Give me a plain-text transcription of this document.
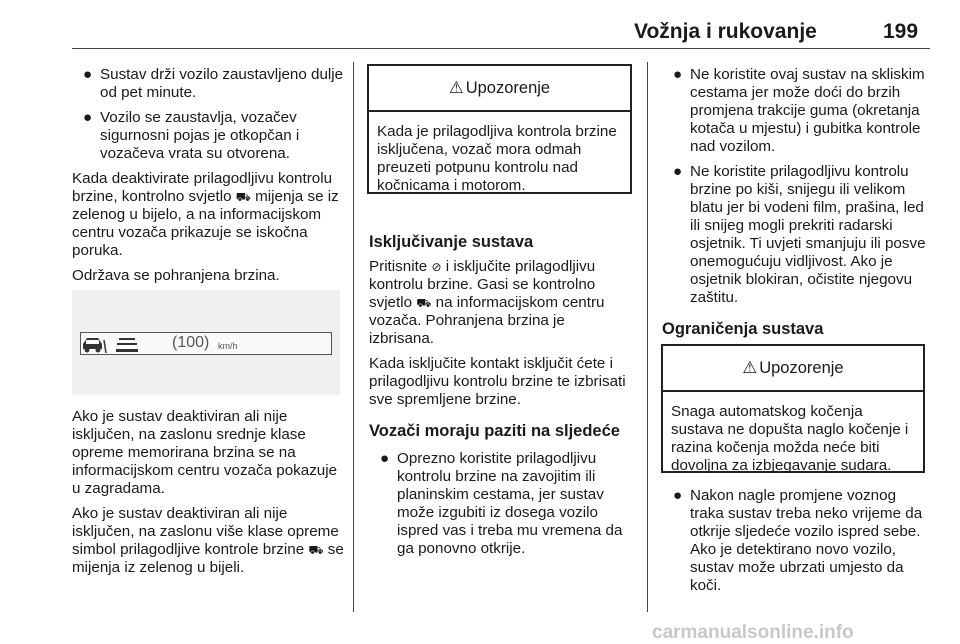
Vožnja i rukovanje	199
● Sustav drži vozilo zaustavljeno dulje od pet minute.
● Vozilo se zaustavlja, vozačev sigurnosni pojas je otkopčan i vozačeva vrata su otvorena.

Kada deaktivirate prilagodljivu kontrolu brzine, kontrolno svjetlo ⛟ mijenja se iz zelenog u bijelo, a na informacijskom centru vozača prikazuje se iskočna poruka.

Održava se pohranjena brzina.

(100) km/h

Ako je sustav deaktiviran ali nije isključen, na zaslonu srednje klase opreme memorirana brzina se na informacijskom centru vozača pokazuje u zagradama.

Ako je sustav deaktiviran ali nije isključen, na zaslonu više klase opreme simbol prilagodljive kontrole brzine ⛟ se mijenja iz zelenog u bijeli.

⚠ Upozorenje
Kada je prilagodljiva kontrola brzine isključena, vozač mora odmah preuzeti potpunu kontrolu nad kočnicama i motorom.
Isključivanje sustava

Pritisnite ⊘ i isključite prilagodljivu kontrolu brzine. Gasi se kontrolno svjetlo ⛟ na informacijskom centru vozača. Pohranjena brzina je izbrisana.

Kada isključite kontakt isključit ćete i prilagodljivu kontrolu brzine te izbrisati sve spremljene brzine.

Vozači moraju paziti na sljedeće
● Oprezno koristite prilagodljivu kontrolu brzine na zavojitim ili planinskim cestama, jer sustav može izgubiti iz dosega vozilo ispred vas i treba mu vremena da ga ponovno otkrije.
● Ne koristite ovaj sustav na skliskim cestama jer može doći do brzih promjena trakcije guma (okretanja kotača u mjestu) i gubitka kontrole nad vozilom.
● Ne koristite prilagodljivu kontrolu brzine po kiši, snijegu ili velikom blatu jer bi vodeni film, prašina, led ili snijeg mogli prekriti radarski osjetnik. Ti uvjeti smanjuju ili posve onemogućuju vidljivost. Ako je osjetnik blokiran, očistite njegovu zaštitu.
Ograničenja sustava
⚠ Upozorenje
Snaga automatskog kočenja sustava ne dopušta naglo kočenje i razina kočenja možda neće biti dovoljna za izbjegavanje sudara.
● Nakon nagle promjene voznog traka sustav treba neko vrijeme da otkrije sljedeće vozilo ispred sebe. Ako je detektirano novo vozilo, sustav može ubrzati umjesto da koči.
carmanualsonline.info
